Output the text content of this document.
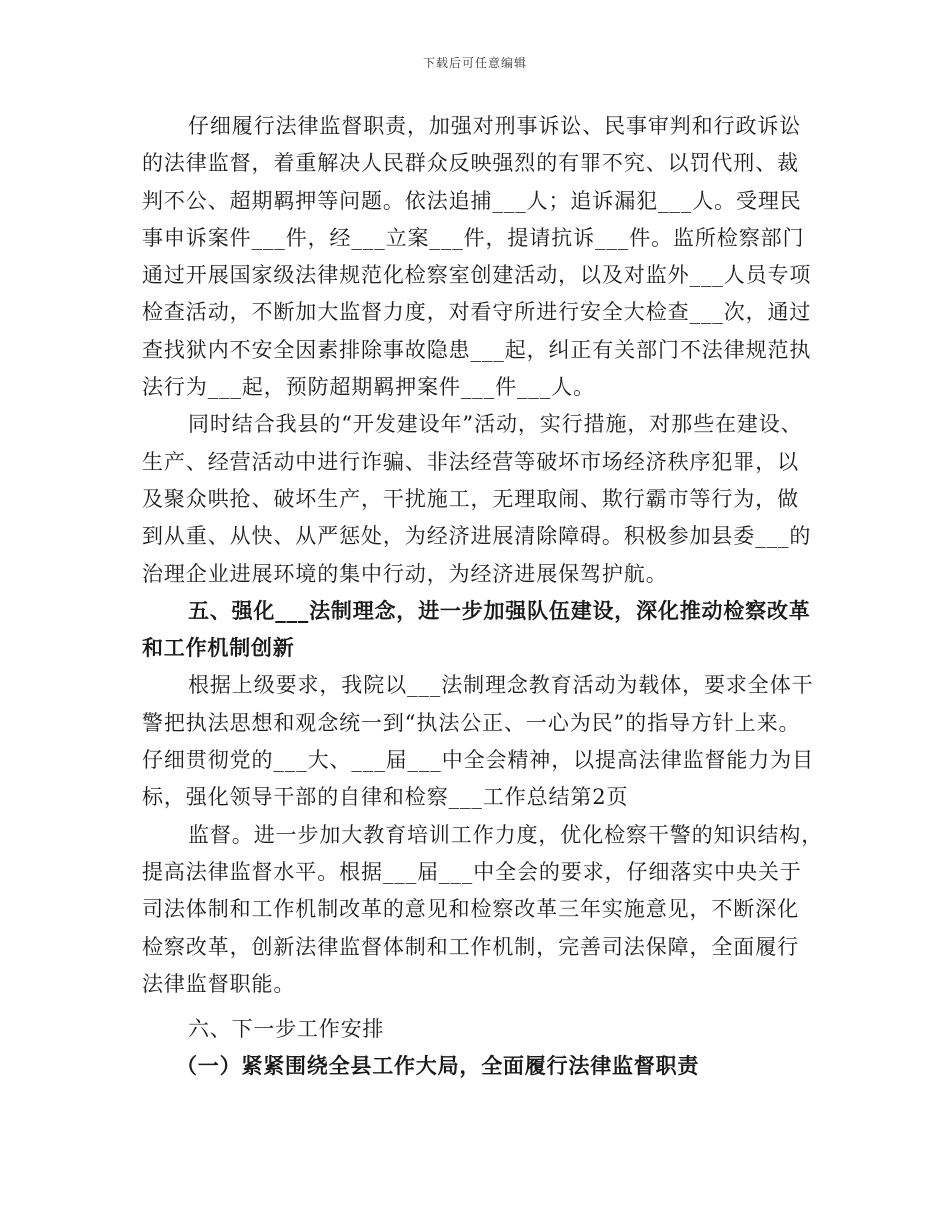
下载后可任意编辑
仔细履行法律监督职责，加强对刑事诉讼、民事审判和行政诉讼
的法律监督，着重解决人民群众反映强烈的有罪不究、以罚代刑、裁
判不公、超期羁押等问题。依法追捕___人；追诉漏犯___人。受理民
事申诉案件___件，经___立案___件，提请抗诉___件。监所检察部门
通过开展国家级法律规范化检察室创建活动，以及对监外___人员专项
检查活动，不断加大监督力度，对看守所进行安全大检查___次，通过
查找狱内不安全因素排除事故隐患___起，纠正有关部门不法律规范执
法行为___起，预防超期羁押案件___件___人。
同时结合我县的“开发建设年”活动，实行措施，对那些在建设、
生产、经营活动中进行诈骗、非法经营等破坏市场经济秩序犯罪，以
及聚众哄抢、破坏生产，干扰施工，无理取闹、欺行霸市等行为，做
到从重、从快、从严惩处，为经济进展清除障碍。积极参加县委___的
治理企业进展环境的集中行动，为经济进展保驾护航。
五、强化___法制理念，进一步加强队伍建设，深化推动检察改革
和工作机制创新
根据上级要求，我院以___法制理念教育活动为载体，要求全体干
警把执法思想和观念统一到“执法公正、一心为民”的指导方针上来。
仔细贯彻党的___大、___届___中全会精神，以提高法律监督能力为目
标，强化领导干部的自律和检察___工作总结第2页
监督。进一步加大教育培训工作力度，优化检察干警的知识结构，
提高法律监督水平。根据___届___中全会的要求，仔细落实中央关于
司法体制和工作机制改革的意见和检察改革三年实施意见，不断深化
检察改革，创新法律监督体制和工作机制，完善司法保障，全面履行
法律监督职能。
六、下一步工作安排
（一）紧紧围绕全县工作大局，全面履行法律监督职责
